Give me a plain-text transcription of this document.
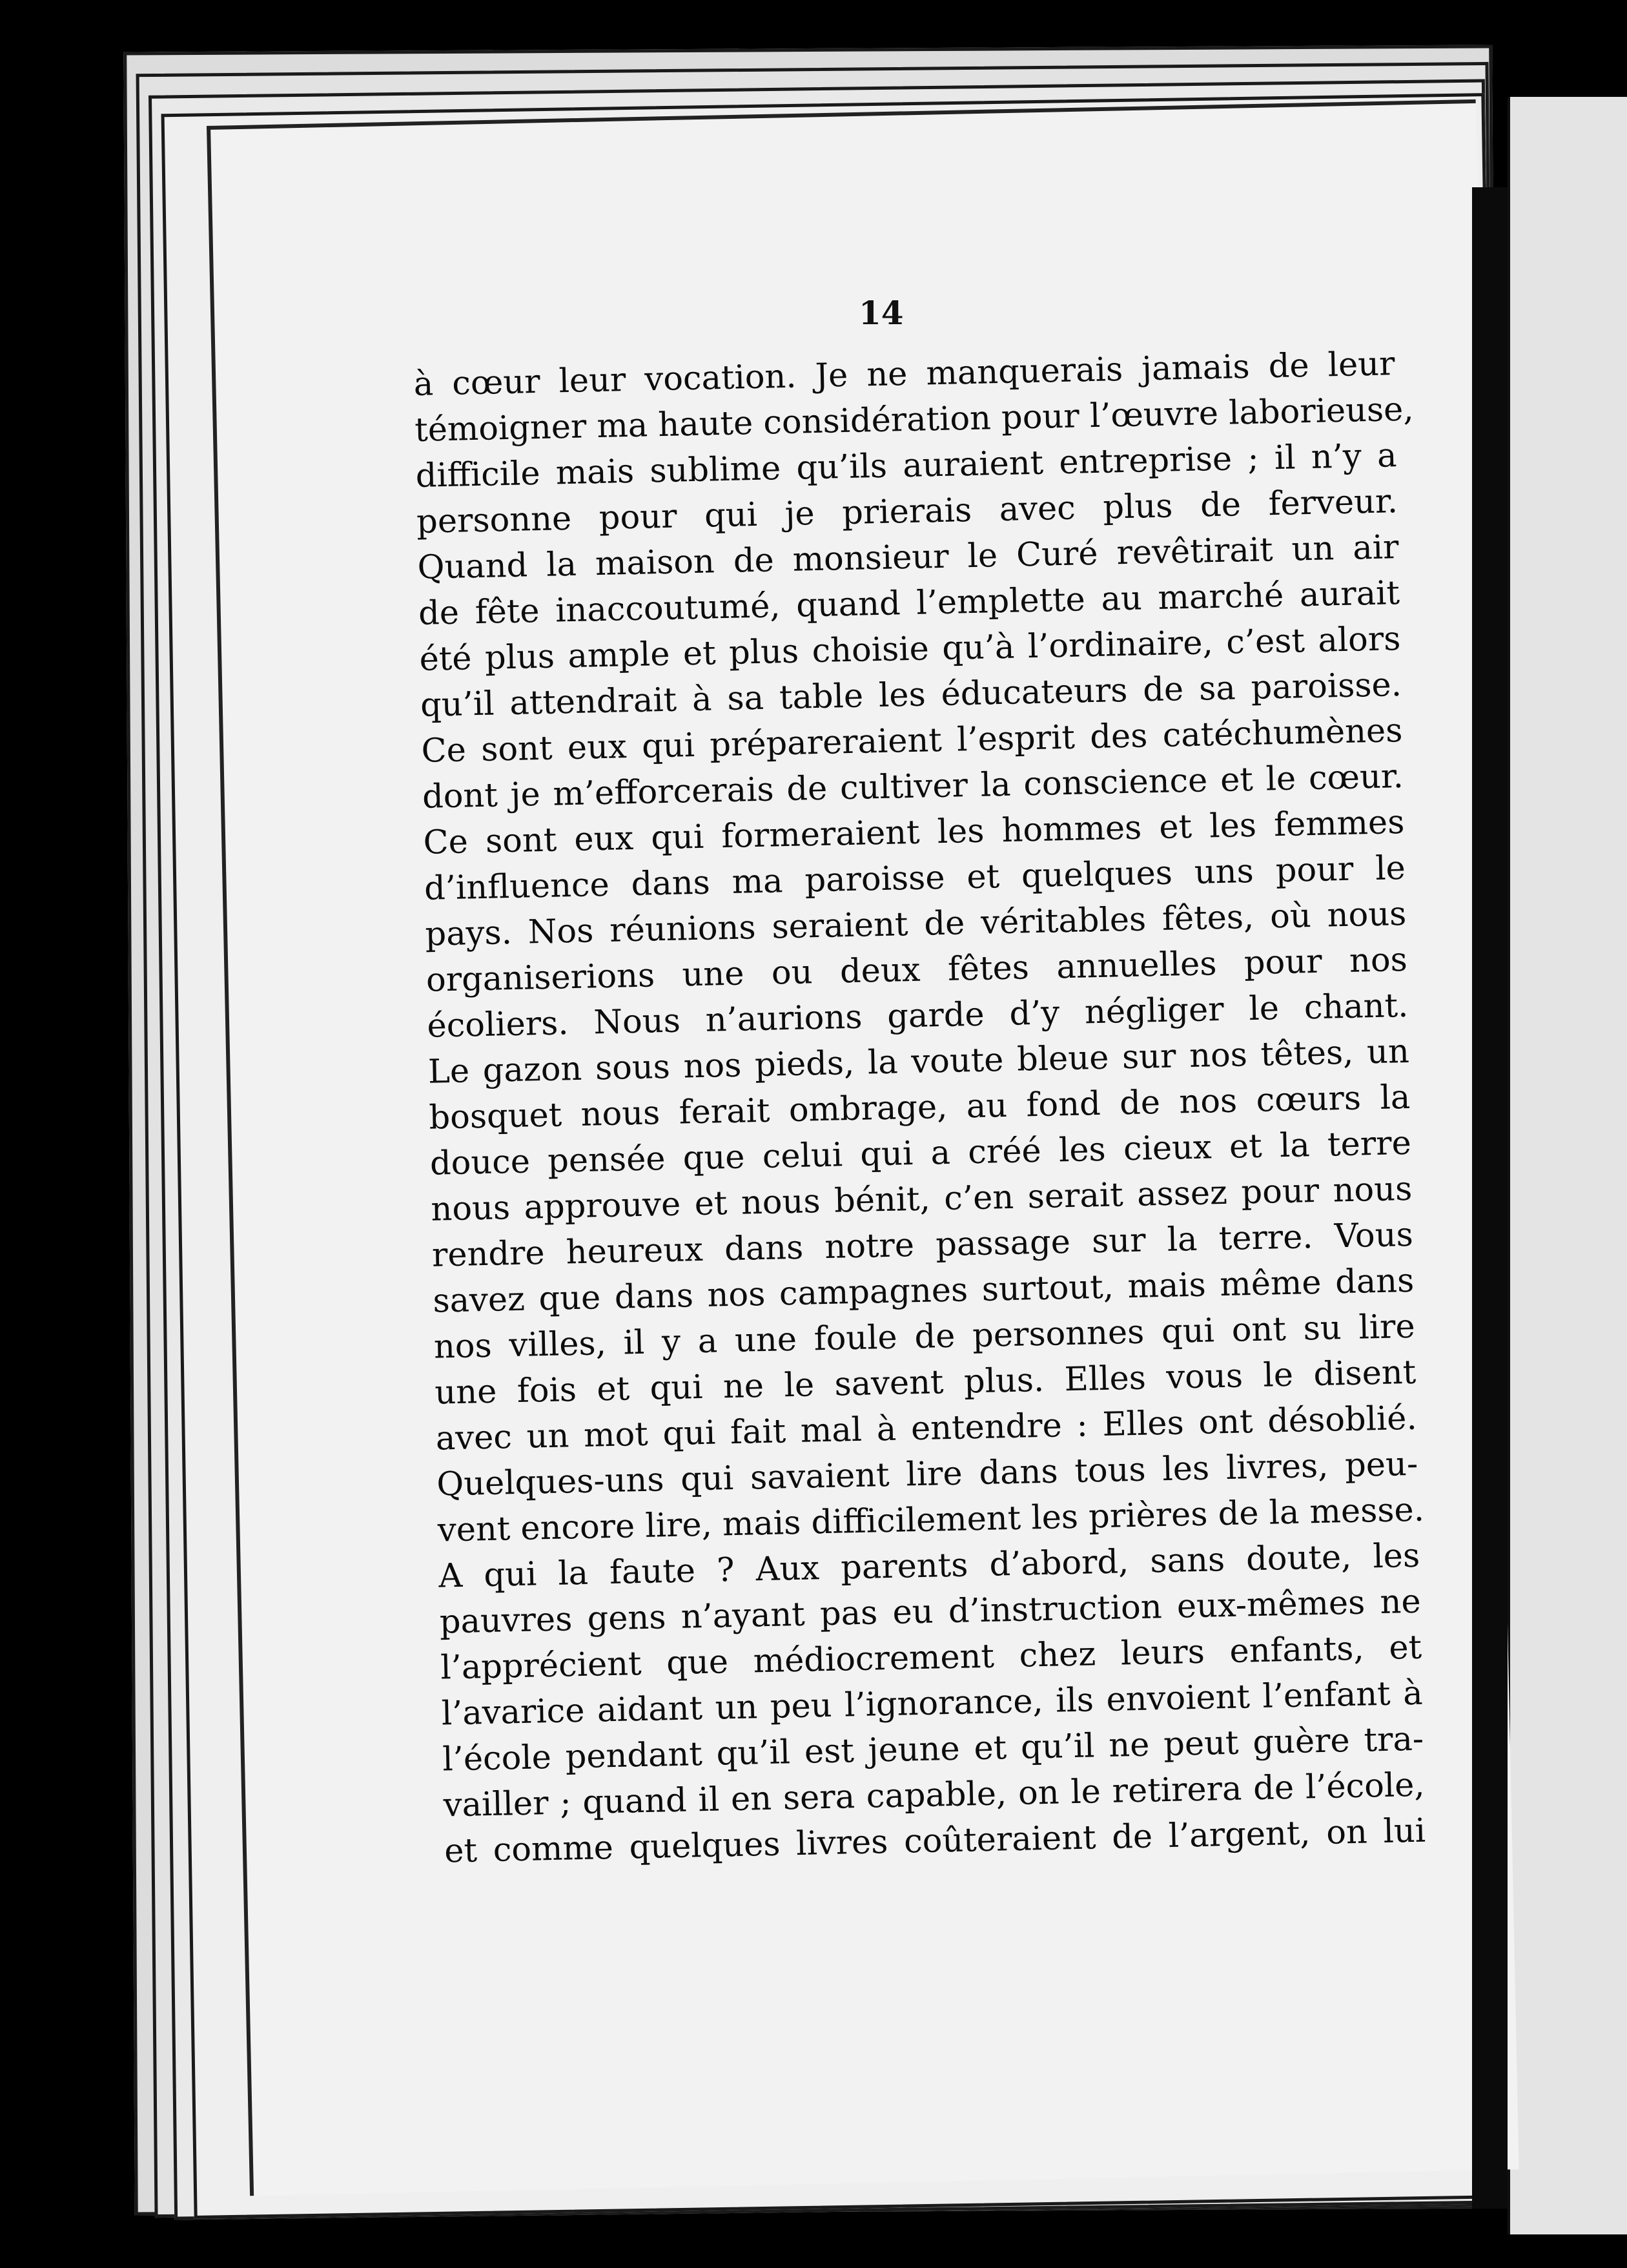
14
à cœur leur vocation. Je ne manquerais jamais de leur
témoigner ma haute considération pour l’œuvre laborieuse,
difficile mais sublime qu’ils auraient entreprise ; il n’y a
personne pour qui je prierais avec plus de ferveur.
Quand la maison de monsieur le Curé revêtirait un air
de fête inaccoutumé, quand l’emplette au marché aurait
été plus ample et plus choisie qu’à l’ordinaire, c’est alors
qu’il attendrait à sa table les éducateurs de sa paroisse.
Ce sont eux qui prépareraient l’esprit des catéchumènes
dont je m’efforcerais de cultiver la conscience et le cœur.
Ce sont eux qui formeraient les hommes et les femmes
d’influence dans ma paroisse et quelques uns pour le
pays. Nos réunions seraient de véritables fêtes, où nous
organiserions une ou deux fêtes annuelles pour nos
écoliers. Nous n’aurions garde d’y négliger le chant.
Le gazon sous nos pieds, la voute bleue sur nos têtes, un
bosquet nous ferait ombrage, au fond de nos cœurs la
douce pensée que celui qui a créé les cieux et la terre
nous approuve et nous bénit, c’en serait assez pour nous
rendre heureux dans notre passage sur la terre. Vous
savez que dans nos campagnes surtout, mais même dans
nos villes, il y a une foule de personnes qui ont su lire
une fois et qui ne le savent plus. Elles vous le disent
avec un mot qui fait mal à entendre : Elles ont désoblié.
Quelques-uns qui savaient lire dans tous les livres, peu-
vent encore lire, mais difficilement les prières de la messe.
A qui la faute ? Aux parents d’abord, sans doute, les
pauvres gens n’ayant pas eu d’instruction eux-mêmes ne
l’apprécient que médiocrement chez leurs enfants, et
l’avarice aidant un peu l’ignorance, ils envoient l’enfant à
l’école pendant qu’il est jeune et qu’il ne peut guère tra-
vailler ; quand il en sera capable, on le retirera de l’école,
et comme quelques livres coûteraient de l’argent, on lui
